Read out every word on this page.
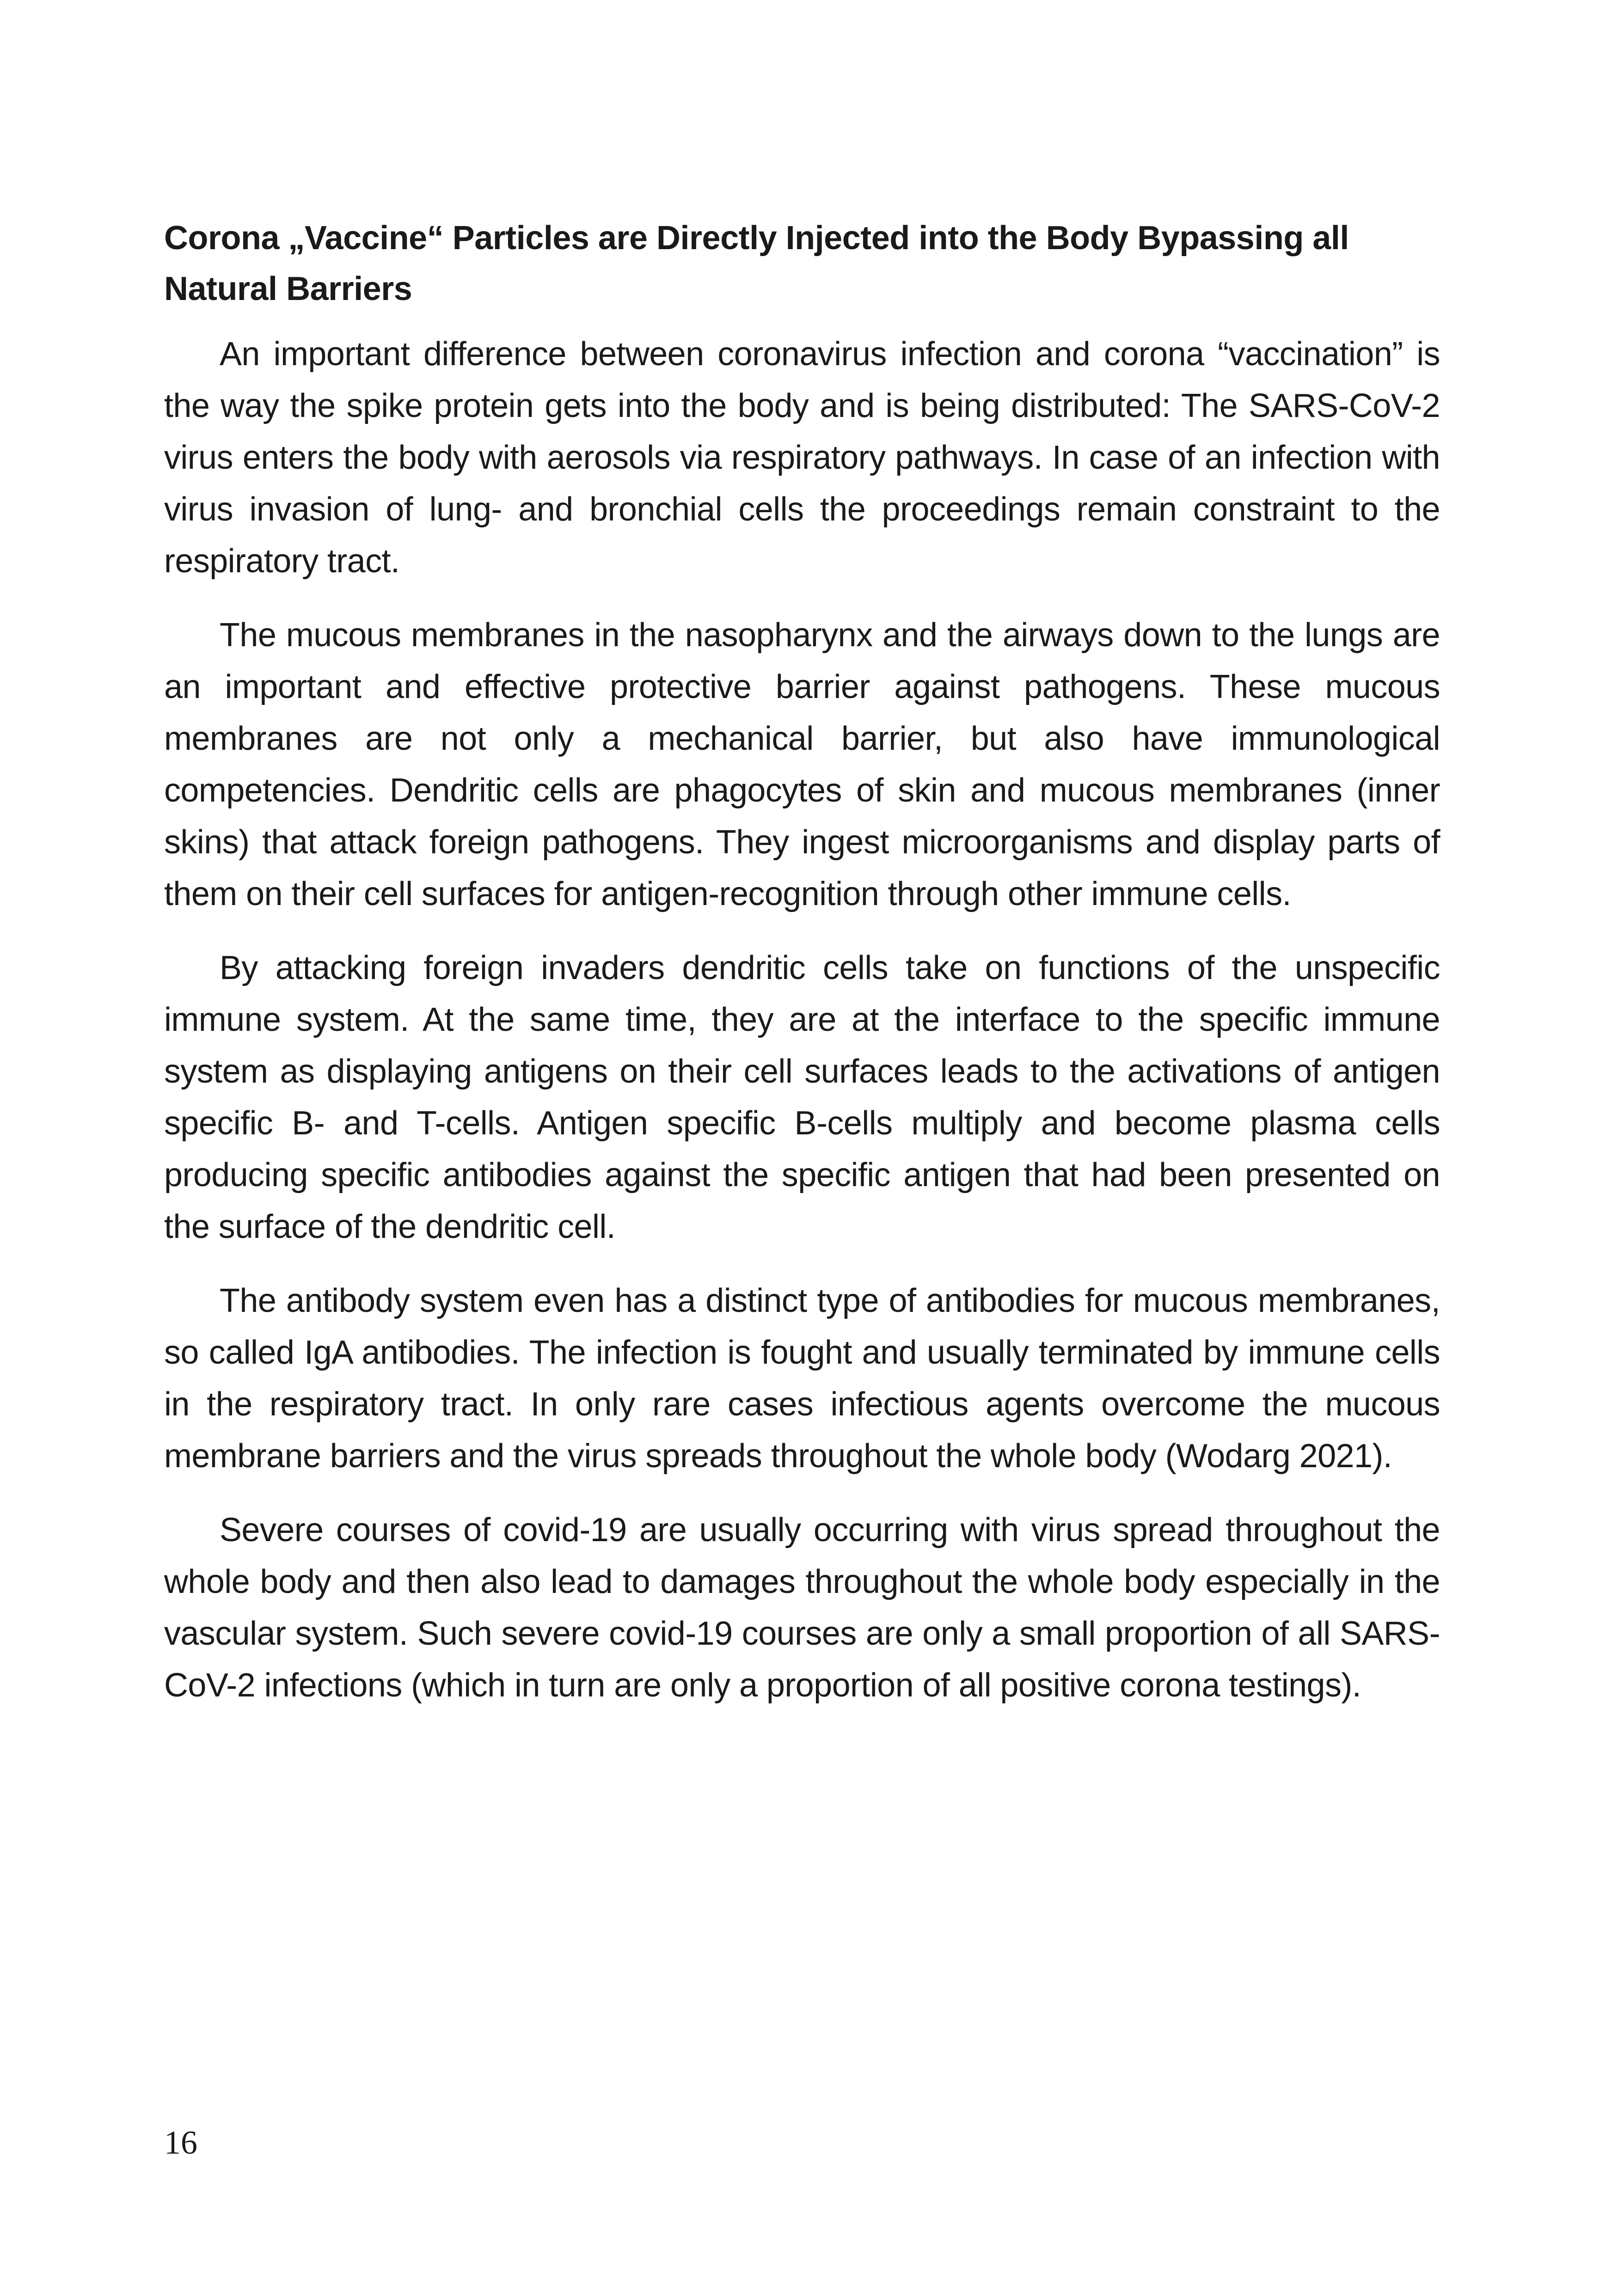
Corona „Vaccine“ Particles are Directly Injected into the Body Bypassing all Natural Barriers

An important difference between coronavirus infection and corona “vaccination” is the way the spike protein gets into the body and is being distributed: The SARS-CoV-2 virus enters the body with aerosols via respiratory pathways. In case of an infection with virus invasion of lung- and bronchial cells the proceedings remain constraint to the respiratory tract.

The mucous membranes in the nasopharynx and the airways down to the lungs are an important and effective protective barrier against pathogens. These mucous membranes are not only a mechanical barrier, but also have immunological competencies. Dendritic cells are phagocytes of skin and mucous membranes (inner skins) that attack foreign pathogens. They ingest microorganisms and display parts of them on their cell surfaces for antigen-recognition through other immune cells.

By attacking foreign invaders dendritic cells take on functions of the unspecific immune system. At the same time, they are at the interface to the specific immune system as displaying antigens on their cell surfaces leads to the activations of antigen specific B- and T-cells. Antigen specific B-cells multiply and become plasma cells producing specific antibodies against the specific antigen that had been presented on the surface of the dendritic cell.

The antibody system even has a distinct type of antibodies for mucous membranes, so called IgA antibodies. The infection is fought and usually terminated by immune cells in the respiratory tract. In only rare cases infectious agents overcome the mucous membrane barriers and the virus spreads throughout the whole body (Wodarg 2021).

Severe courses of covid-19 are usually occurring with virus spread throughout the whole body and then also lead to damages throughout the whole body especially in the vascular system. Such severe covid-19 courses are only a small proportion of all SARS-CoV-2 infections (which in turn are only a proportion of all positive corona testings).

16
